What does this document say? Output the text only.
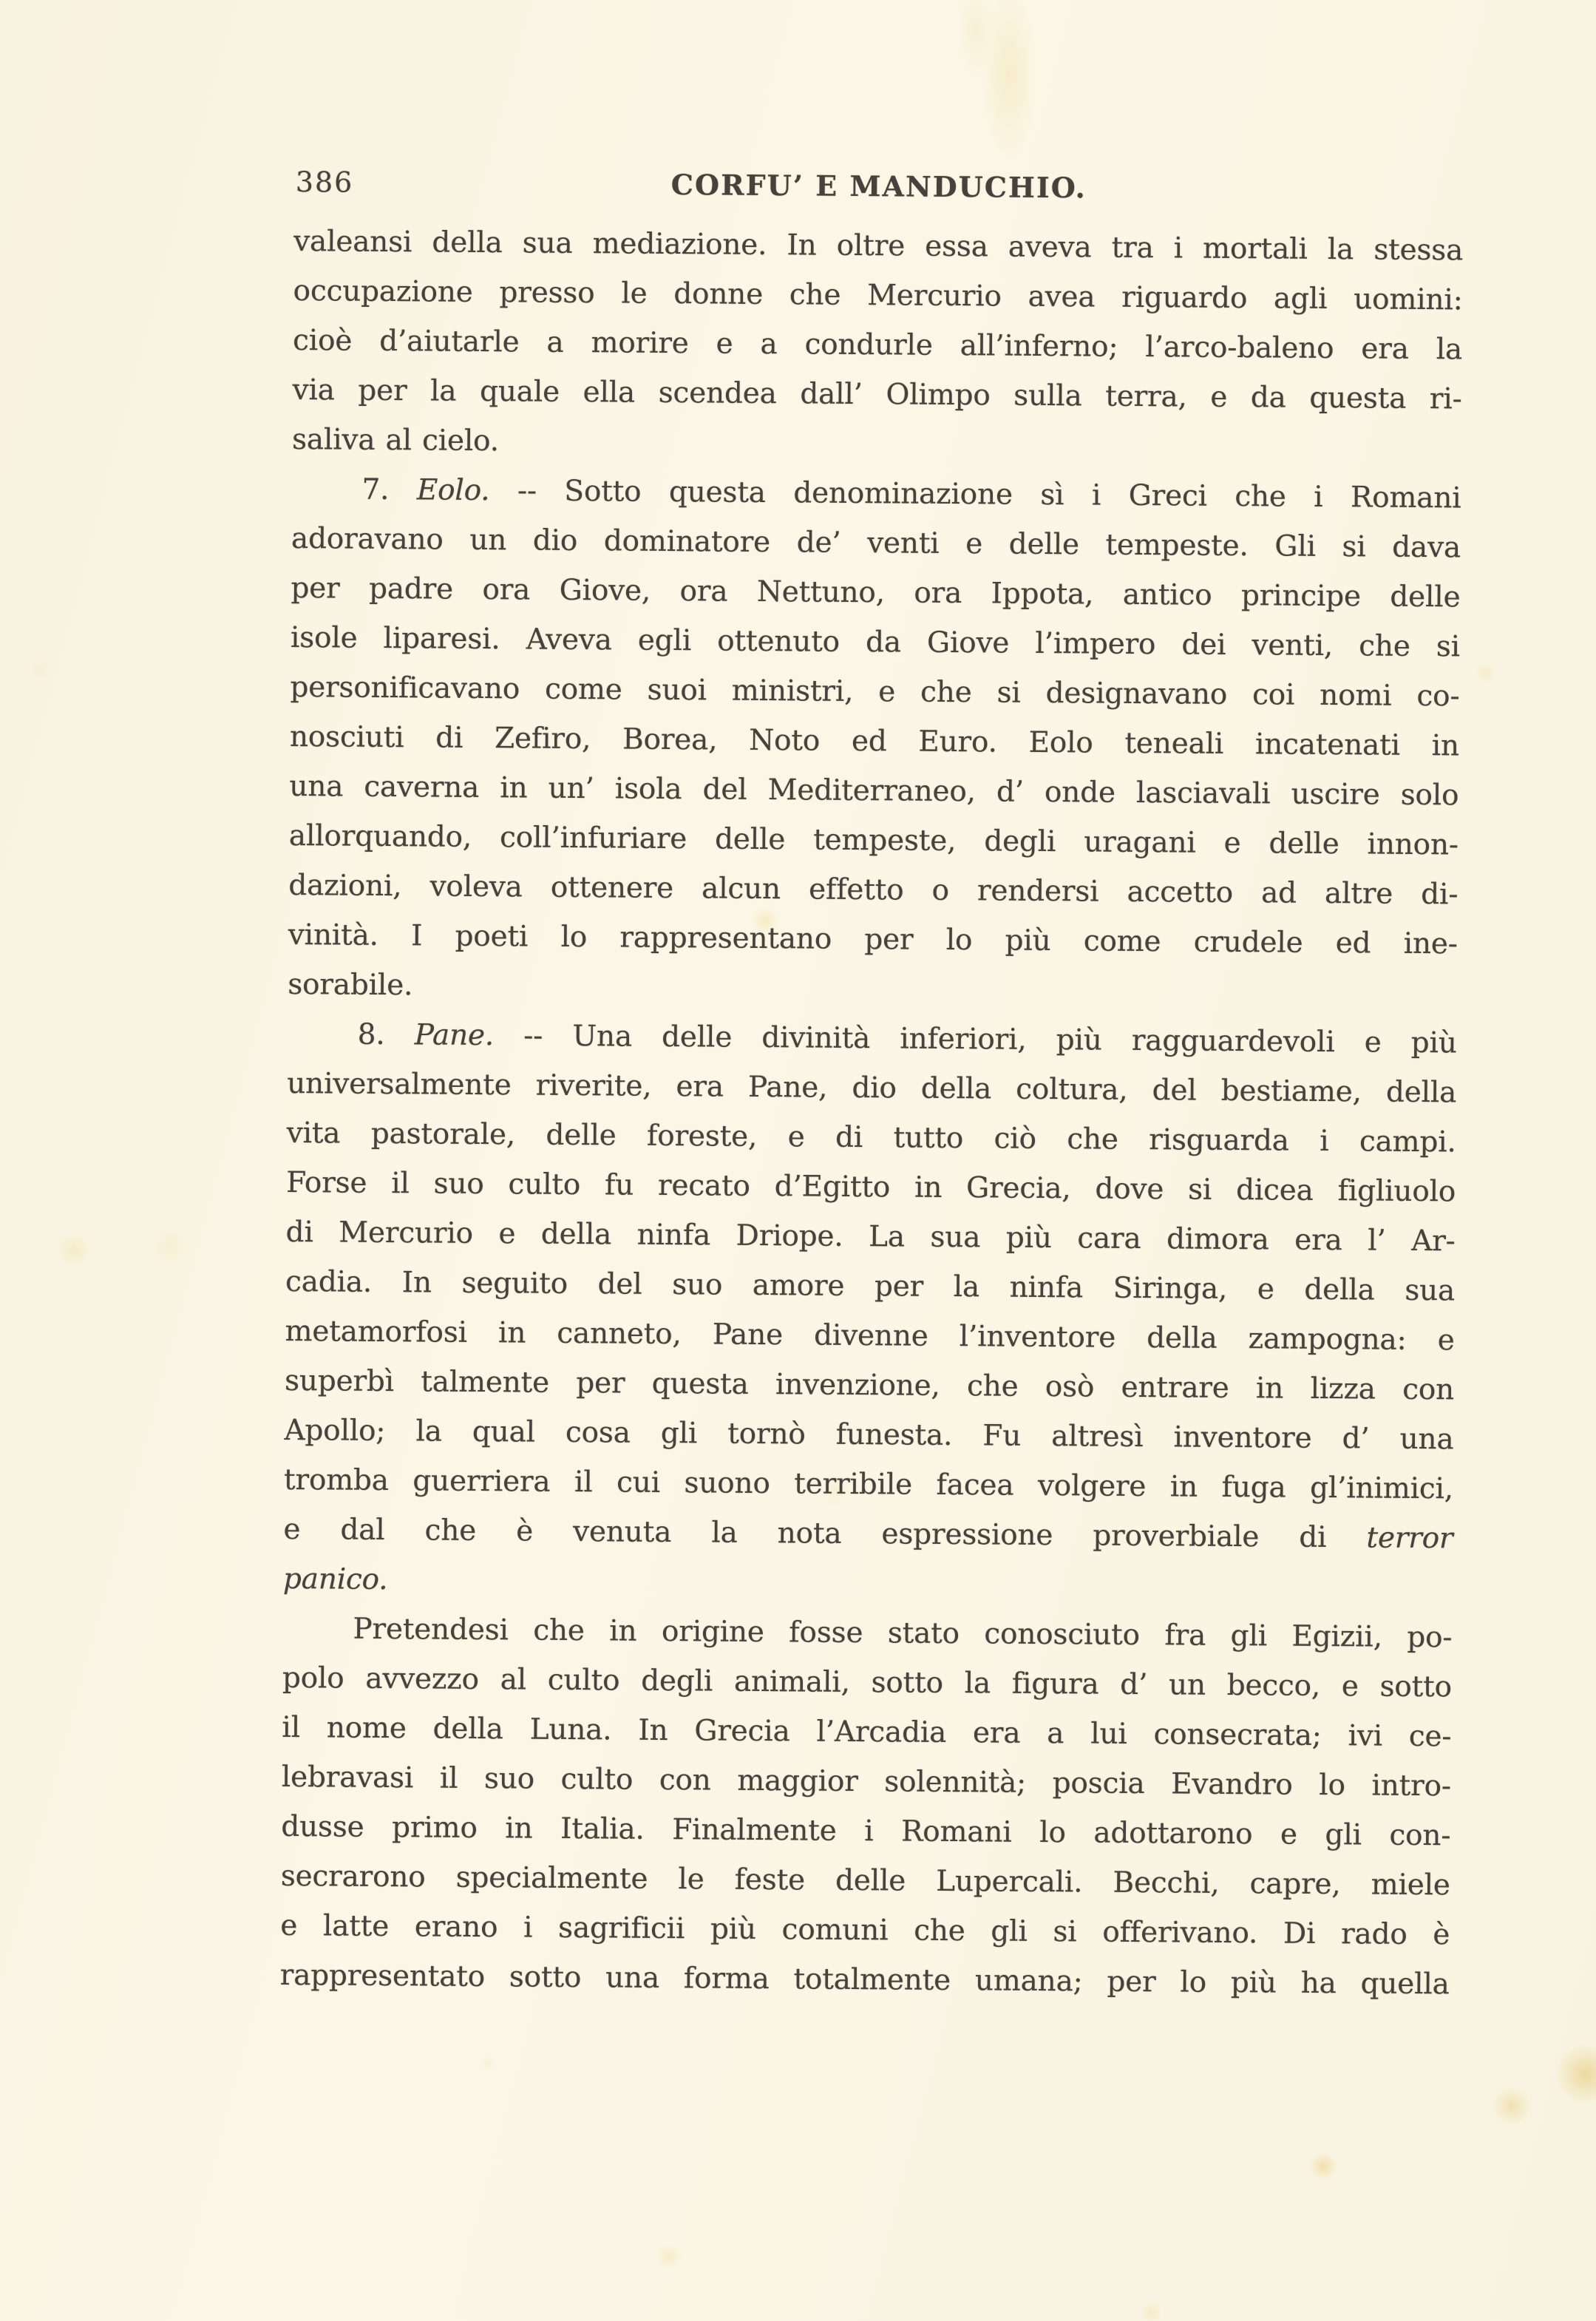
386	CORFU’ E MANDUCHIO.
valeansi della sua mediazione. In oltre essa aveva tra i mortali la stessa
occupazione presso le donne che Mercurio avea riguardo agli uomini:
cioè d’aiutarle a morire e a condurle all’inferno; l’arco-baleno era la
via per la quale ella scendea dall’ Olimpo sulla terra, e da questa ri-
saliva al cielo.
7. Eolo. -- Sotto questa denominazione sì i Greci che i Romani
adoravano un dio dominatore de’ venti e delle tempeste. Gli si dava
per padre ora Giove, ora Nettuno, ora Ippota, antico principe delle
isole liparesi. Aveva egli ottenuto da Giove l’impero dei venti, che si
personificavano come suoi ministri, e che si designavano coi nomi co-
nosciuti di Zefiro, Borea, Noto ed Euro. Eolo teneali incatenati in
una caverna in un’ isola del Mediterraneo, d’ onde lasciavali uscire solo
allorquando, coll’infuriare delle tempeste, degli uragani e delle innon-
dazioni, voleva ottenere alcun effetto o rendersi accetto ad altre di-
vinità. I poeti lo rappresentano per lo più come crudele ed ine-
sorabile.
8. Pane. -- Una delle divinità inferiori, più ragguardevoli e più
universalmente riverite, era Pane, dio della coltura, del bestiame, della
vita pastorale, delle foreste, e di tutto ciò che risguarda i campi.
Forse il suo culto fu recato d’Egitto in Grecia, dove si dicea figliuolo
di Mercurio e della ninfa Driope. La sua più cara dimora era l’ Ar-
cadia. In seguito del suo amore per la ninfa Siringa, e della sua
metamorfosi in canneto, Pane divenne l’inventore della zampogna: e
superbì talmente per questa invenzione, che osò entrare in lizza con
Apollo; la qual cosa gli tornò funesta. Fu altresì inventore d’ una
tromba guerriera il cui suono terribile facea volgere in fuga gl’inimici,
e dal che è venuta la nota espressione proverbiale di terror
panico.
Pretendesi che in origine fosse stato conosciuto fra gli Egizii, po-
polo avvezzo al culto degli animali, sotto la figura d’ un becco, e sotto
il nome della Luna. In Grecia l’Arcadia era a lui consecrata; ivi ce-
lebravasi il suo culto con maggior solennità; poscia Evandro lo intro-
dusse primo in Italia. Finalmente i Romani lo adottarono e gli con-
secrarono specialmente le feste delle Lupercali. Becchi, capre, miele
e latte erano i sagrificii più comuni che gli si offerivano. Di rado è
rappresentato sotto una forma totalmente umana; per lo più ha quella
